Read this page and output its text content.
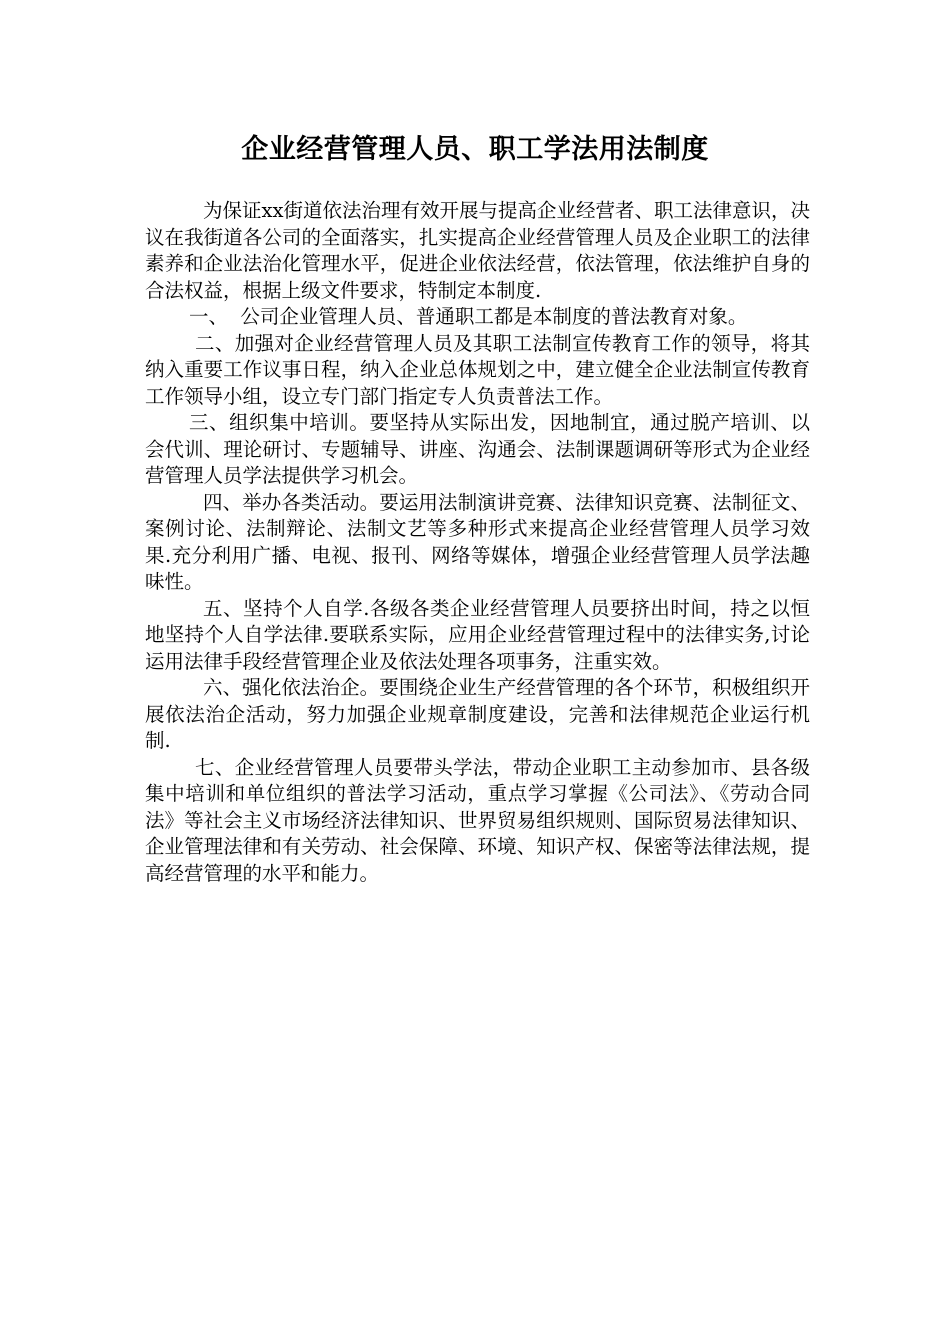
企业经营管理人员、职工学法用法制度

为保证xx街道依法治理有效开展与提高企业经营者、职工法律意识，决议在我街道各公司的全面落实，扎实提高企业经营管理人员及企业职工的法律素养和企业法治化管理水平，促进企业依法经营，依法管理，依法维护自身的合法权益，根据上级文件要求，特制定本制度.

一、  公司企业管理人员、普通职工都是本制度的普法教育对象。

二、加强对企业经营管理人员及其职工法制宣传教育工作的领导，将其纳入重要工作议事日程，纳入企业总体规划之中，建立健全企业法制宣传教育工作领导小组，设立专门部门指定专人负责普法工作。

三、组织集中培训。要坚持从实际出发，因地制宜，通过脱产培训、以会代训、理论研讨、专题辅导、讲座、沟通会、法制课题调研等形式为企业经营管理人员学法提供学习机会。

四、举办各类活动。要运用法制演讲竞赛、法律知识竞赛、法制征文、案例讨论、法制辩论、法制文艺等多种形式来提高企业经营管理人员学习效果.充分利用广播、电视、报刊、网络等媒体，增强企业经营管理人员学法趣味性。

五、坚持个人自学.各级各类企业经营管理人员要挤出时间，持之以恒地坚持个人自学法律.要联系实际，应用企业经营管理过程中的法律实务,讨论运用法律手段经营管理企业及依法处理各项事务，注重实效。

六、强化依法治企。要围绕企业生产经营管理的各个环节，积极组织开展依法治企活动，努力加强企业规章制度建设，完善和法律规范企业运行机制.

七、企业经营管理人员要带头学法，带动企业职工主动参加市、县各级集中培训和单位组织的普法学习活动，重点学习掌握《公司法》、《劳动合同法》等社会主义市场经济法律知识、世界贸易组织规则、国际贸易法律知识、企业管理法律和有关劳动、社会保障、环境、知识产权、保密等法律法规，提高经营管理的水平和能力。
